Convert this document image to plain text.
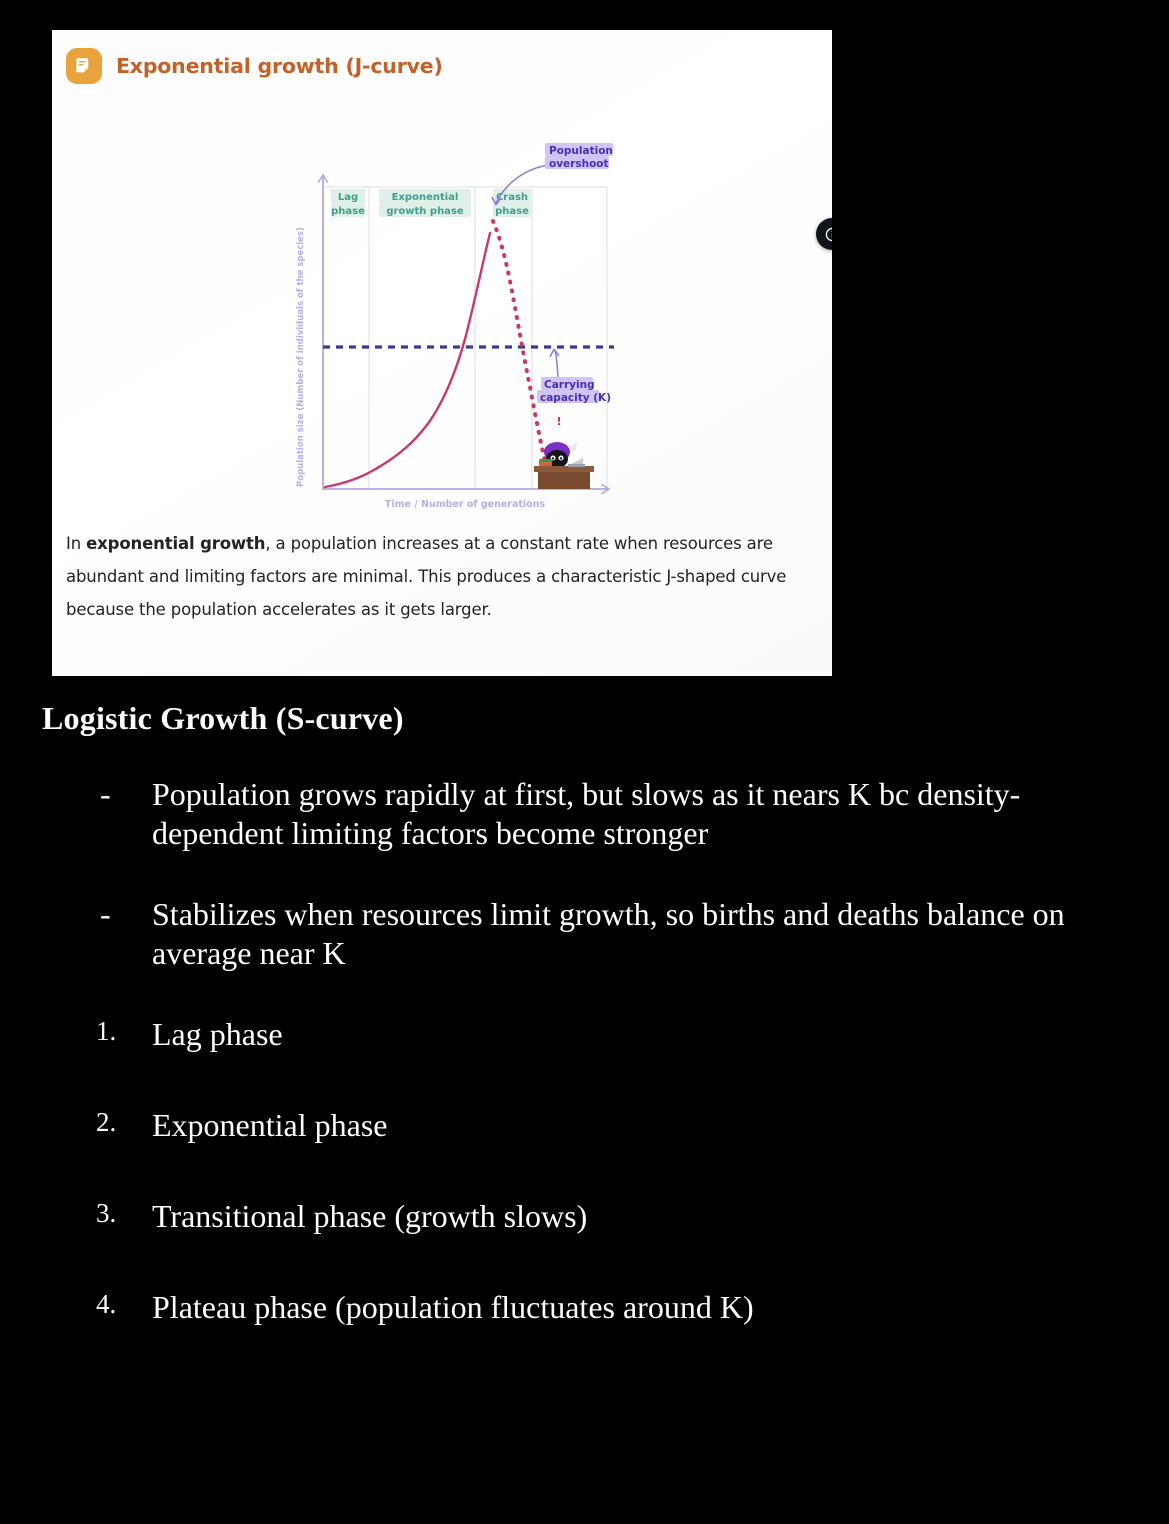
Exponential growth (J-curve)
Lag
phase
Exponential
growth phase
Crash
phase
Population
overshoot
Carrying
capacity (K)
Population size (Number of individuals of the species)
Time / Number of generations
!
In exponential growth, a population increases at a constant rate when resources are abundant and limiting factors are minimal. This produces a characteristic J-shaped curve because the population accelerates as it gets larger.
Logistic Growth (S-curve)
-	Population grows rapidly at first, but slows as it nears K bc density-dependent limiting factors become stronger
-	Stabilizes when resources limit growth, so births and deaths balance on average near K
1.	Lag phase
2.	Exponential phase
3.	Transitional phase (growth slows)
4.	Plateau phase (population fluctuates around K)
